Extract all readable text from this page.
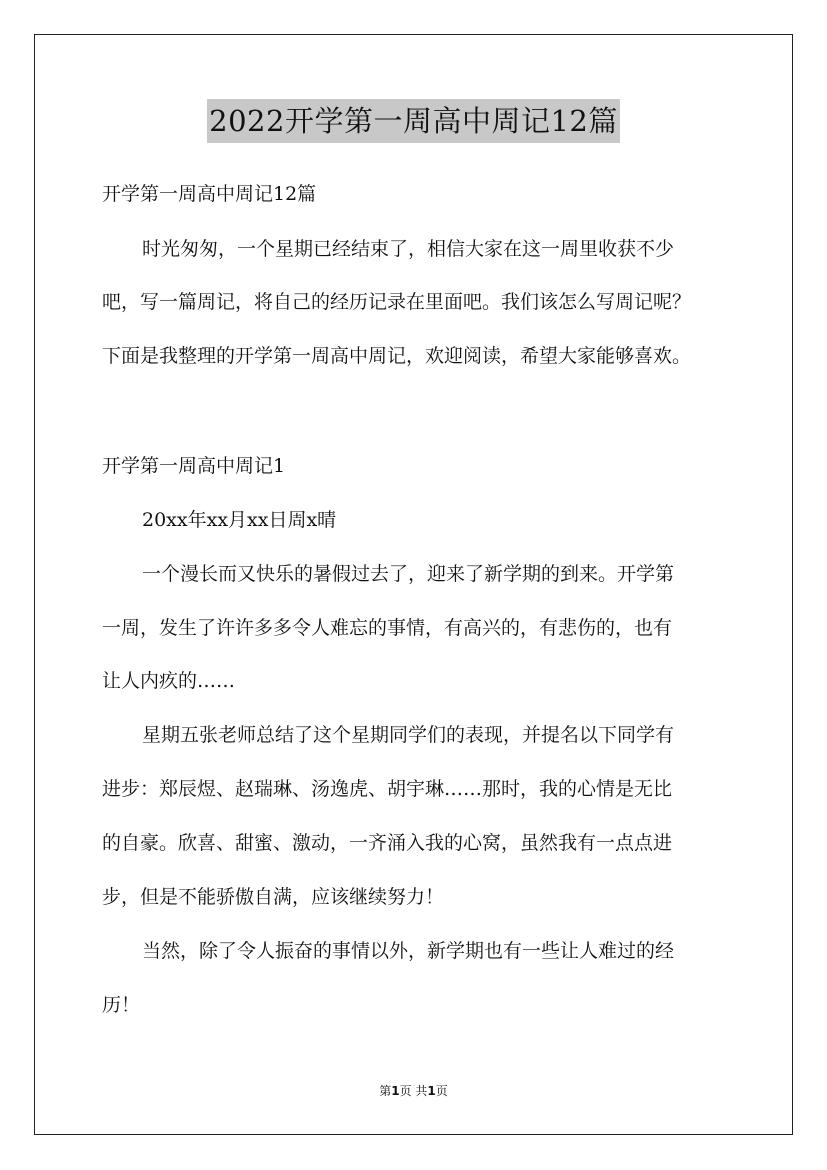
2022开学第一周高中周记12篇
开学第一周高中周记12篇
时光匆匆，一个星期已经结束了，相信大家在这一周里收获不少
吧，写一篇周记，将自己的经历记录在里面吧。我们该怎么写周记呢？
下面是我整理的开学第一周高中周记，欢迎阅读，希望大家能够喜欢。
开学第一周高中周记1
20xx年xx月xx日周x晴
一个漫长而又快乐的暑假过去了，迎来了新学期的到来。开学第
一周，发生了许许多多令人难忘的事情，有高兴的，有悲伤的，也有
让人内疚的……
星期五张老师总结了这个星期同学们的表现，并提名以下同学有
进步：郑辰煜、赵瑞琳、汤逸虎、胡宇琳……那时，我的心情是无比
的自豪。欣喜、甜蜜、激动，一齐涌入我的心窝，虽然我有一点点进
步，但是不能骄傲自满，应该继续努力！
当然，除了令人振奋的事情以外，新学期也有一些让人难过的经
历！
第1页 共1页
